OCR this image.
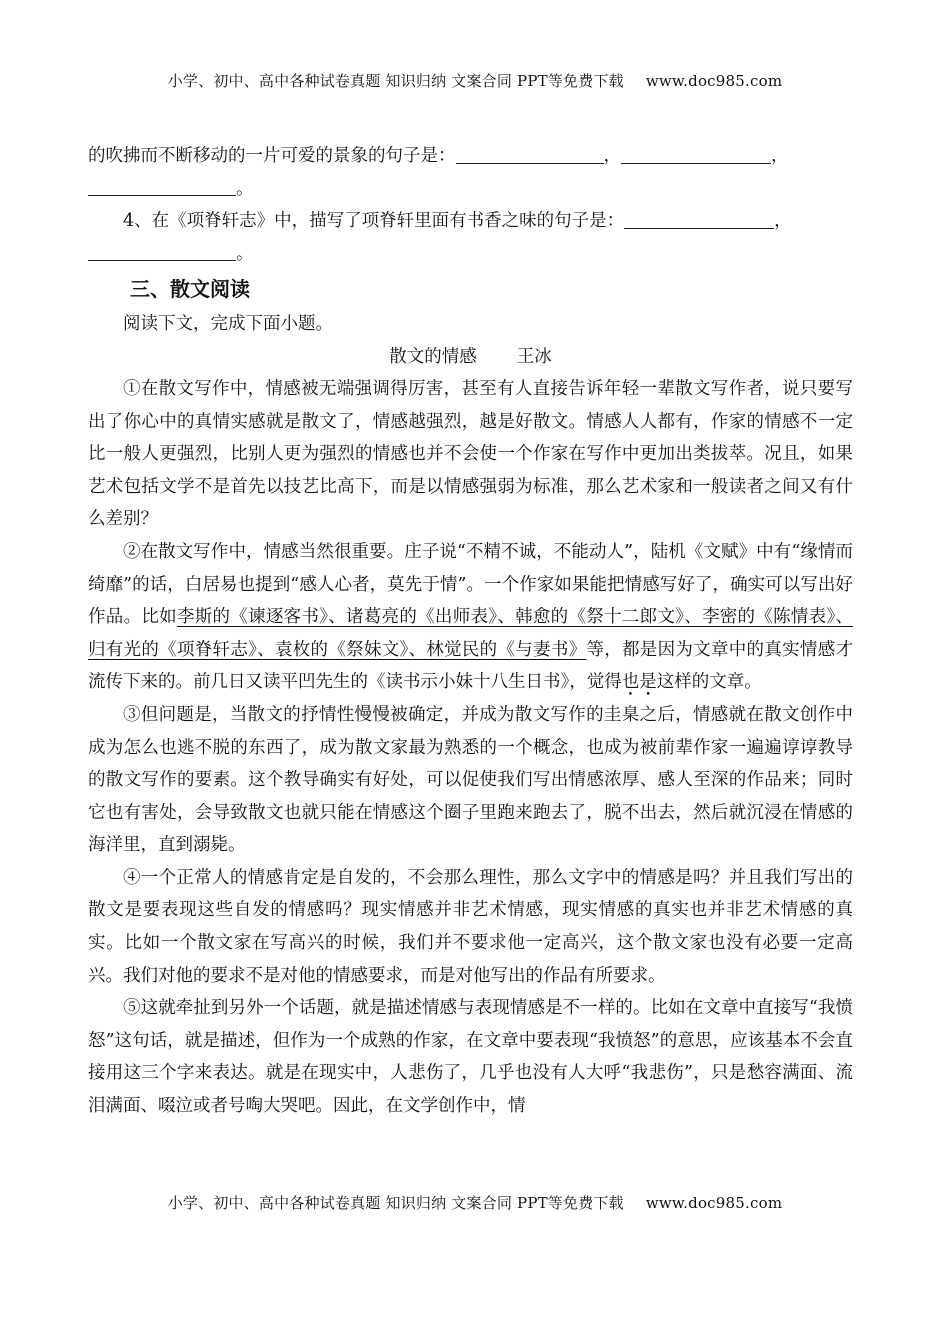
小学、初中、高中各种试卷真题 知识归纳 文案合同 PPT等免费下载 www.doc985.com

的吹拂而不断移动的一片可爱的景象的句子是：	，	，
。

4、在《项脊轩志》中，描写了项脊轩里面有书香之味的句子是：	，

。

三、散文阅读

阅读下文，完成下面小题。

散文的情感 王冰

①在散文写作中，情感被无端强调得厉害，甚至有人直接告诉年轻一辈散文写作者，说只要写出了你心中的真情实感就是散文了，情感越强烈，越是好散文。情感人人都有，作家的情感不一定比一般人更强烈，比别人更为强烈的情感也并不会使一个作家在写作中更加出类拔萃。况且，如果艺术包括文学不是首先以技艺比高下，而是以情感强弱为标准，那么艺术家和一般读者之间又有什么差别？

②在散文写作中，情感当然很重要。庄子说“不精不诚，不能动人”，陆机《文赋》中有“缘情而绮靡”的话，白居易也提到“感人心者，莫先于情”。一个作家如果能把情感写好了，确实可以写出好作品。比如李斯的《谏逐客书》、诸葛亮的《出师表》、韩愈的《祭十二郎文》、李密的《陈情表》、归有光的《项脊轩志》、袁枚的《祭妹文》、林觉民的《与妻书》等，都是因为文章中的真实情感才流传下来的。前几日又读平凹先生的《读书示小妹十八生日书》，觉得也是这样的文章。

③但问题是，当散文的抒情性慢慢被确定，并成为散文写作的圭臬之后，情感就在散文创作中成为怎么也逃不脱的东西了，成为散文家最为熟悉的一个概念，也成为被前辈作家一遍遍谆谆教导的散文写作的要素。这个教导确实有好处，可以促使我们写出情感浓厚、感人至深的作品来；同时它也有害处，会导致散文也就只能在情感这个圈子里跑来跑去了，脱不出去，然后就沉浸在情感的海洋里，直到溺毙。

④一个正常人的情感肯定是自发的，不会那么理性，那么文字中的情感是吗？并且我们写出的散文是要表现这些自发的情感吗？现实情感并非艺术情感，现实情感的真实也并非艺术情感的真实。比如一个散文家在写高兴的时候，我们并不要求他一定高兴，这个散文家也没有必要一定高兴。我们对他的要求不是对他的情感要求，而是对他写出的作品有所要求。

⑤这就牵扯到另外一个话题，就是描述情感与表现情感是不一样的。比如在文章中直接写“我愤怒”这句话，就是描述，但作为一个成熟的作家，在文章中要表现“我愤怒”的意思，应该基本不会直接用这三个字来表达。就是在现实中，人悲伤了，几乎也没有人大呼“我悲伤”，只是愁容满面、流泪满面、啜泣或者号啕大哭吧。因此，在文学创作中，情

小学、初中、高中各种试卷真题 知识归纳 文案合同 PPT等免费下载 www.doc985.com
